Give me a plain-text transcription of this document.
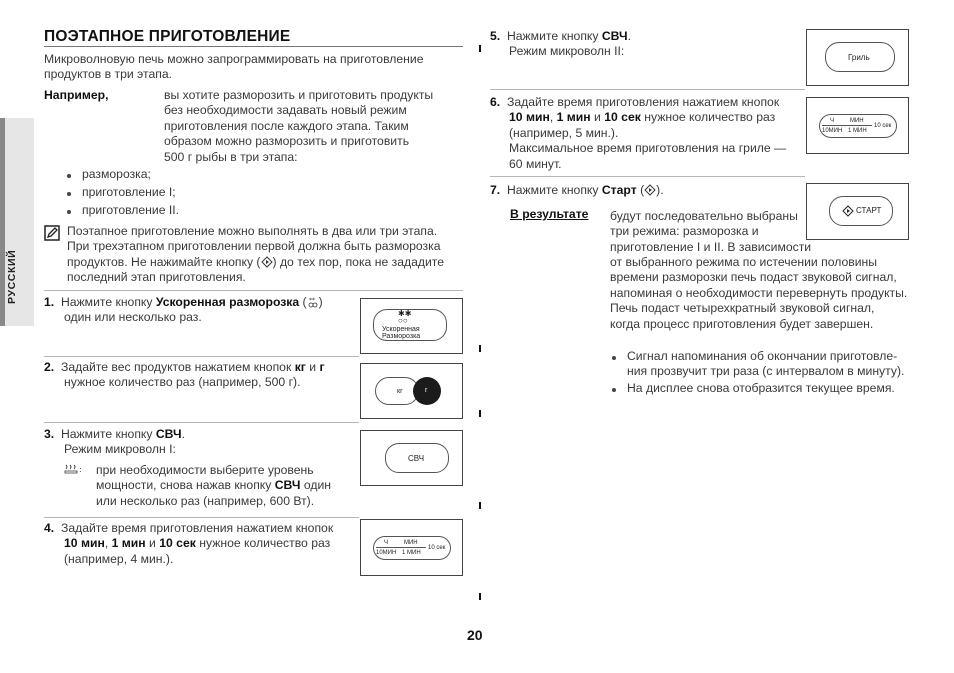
РУССКИЙ
ПОЭТАПНОЕ ПРИГОТОВЛЕНИЕ
Микроволновую печь можно запрограммировать на приготовление
продуктов в три этапа.
Например,	вы хотите разморозить и приготовить продукты
без необходимости задавать новый режим
приготовления после каждого этапа. Таким
образом можно разморозить и приготовить
500 г рыбы в три этапа:
разморозка;
приготовление I;
приготовление II.
Поэтапное приготовление можно выполнять в два или три этапа.
При трехэтапном приготовлении первой должна быть разморозка
продуктов. Не нажимайте кнопку ( ) до тех пор, пока не зададите
последний этап приготовления.
1. Нажмите кнопку Ускоренная разморозка ( ** )
один или несколько раз.	✱✱
○○
Ускоренная
Разморозка
2. Задайте вес продуктов нажатием кнопок кг и г
нужное количество раз (например, 500 г).
кг	г
3. Нажмите кнопку СВЧ.
Режим микроволн I:
: при необходимости выберите уровень
мощности, снова нажав кнопку СВЧ один
или несколько раз (например, 600 Вт).
СВЧ
4. Задайте время приготовления нажатием кнопок
10 мин, 1 мин и 10 сек нужное количество раз
(например, 4 мин.).
Ч	МИН
10МИН 1 МИН
10 сек
5. Нажмите кнопку СВЧ.
Режим микроволн II:	Гриль
6. Задайте время приготовления нажатием кнопок
10 мин, 1 мин и 10 сек нужное количество раз
(например, 5 мин.).
Максимальное время приготовления на гриле —
60 минут.
Ч	МИН
10МИН 1 МИН
10 сек
7. Нажмите кнопку Старт ( ).
СТАРТ
В результате будут последовательно выбраны
три режима: разморозка и
приготовление I и II. В зависимости
от выбранного режима по истечении половины
времени разморозки печь подаст звуковой сигнал,
напоминая о необходимости перевернуть продукты.
Печь подаст четырехкратный звуковой сигнал,
когда процесс приготовления будет завершен.
Сигнал напоминания об окончании приготовле-
ния прозвучит три раза (с интервалом в минуту).
На дисплее снова отобразится текущее время.
20
